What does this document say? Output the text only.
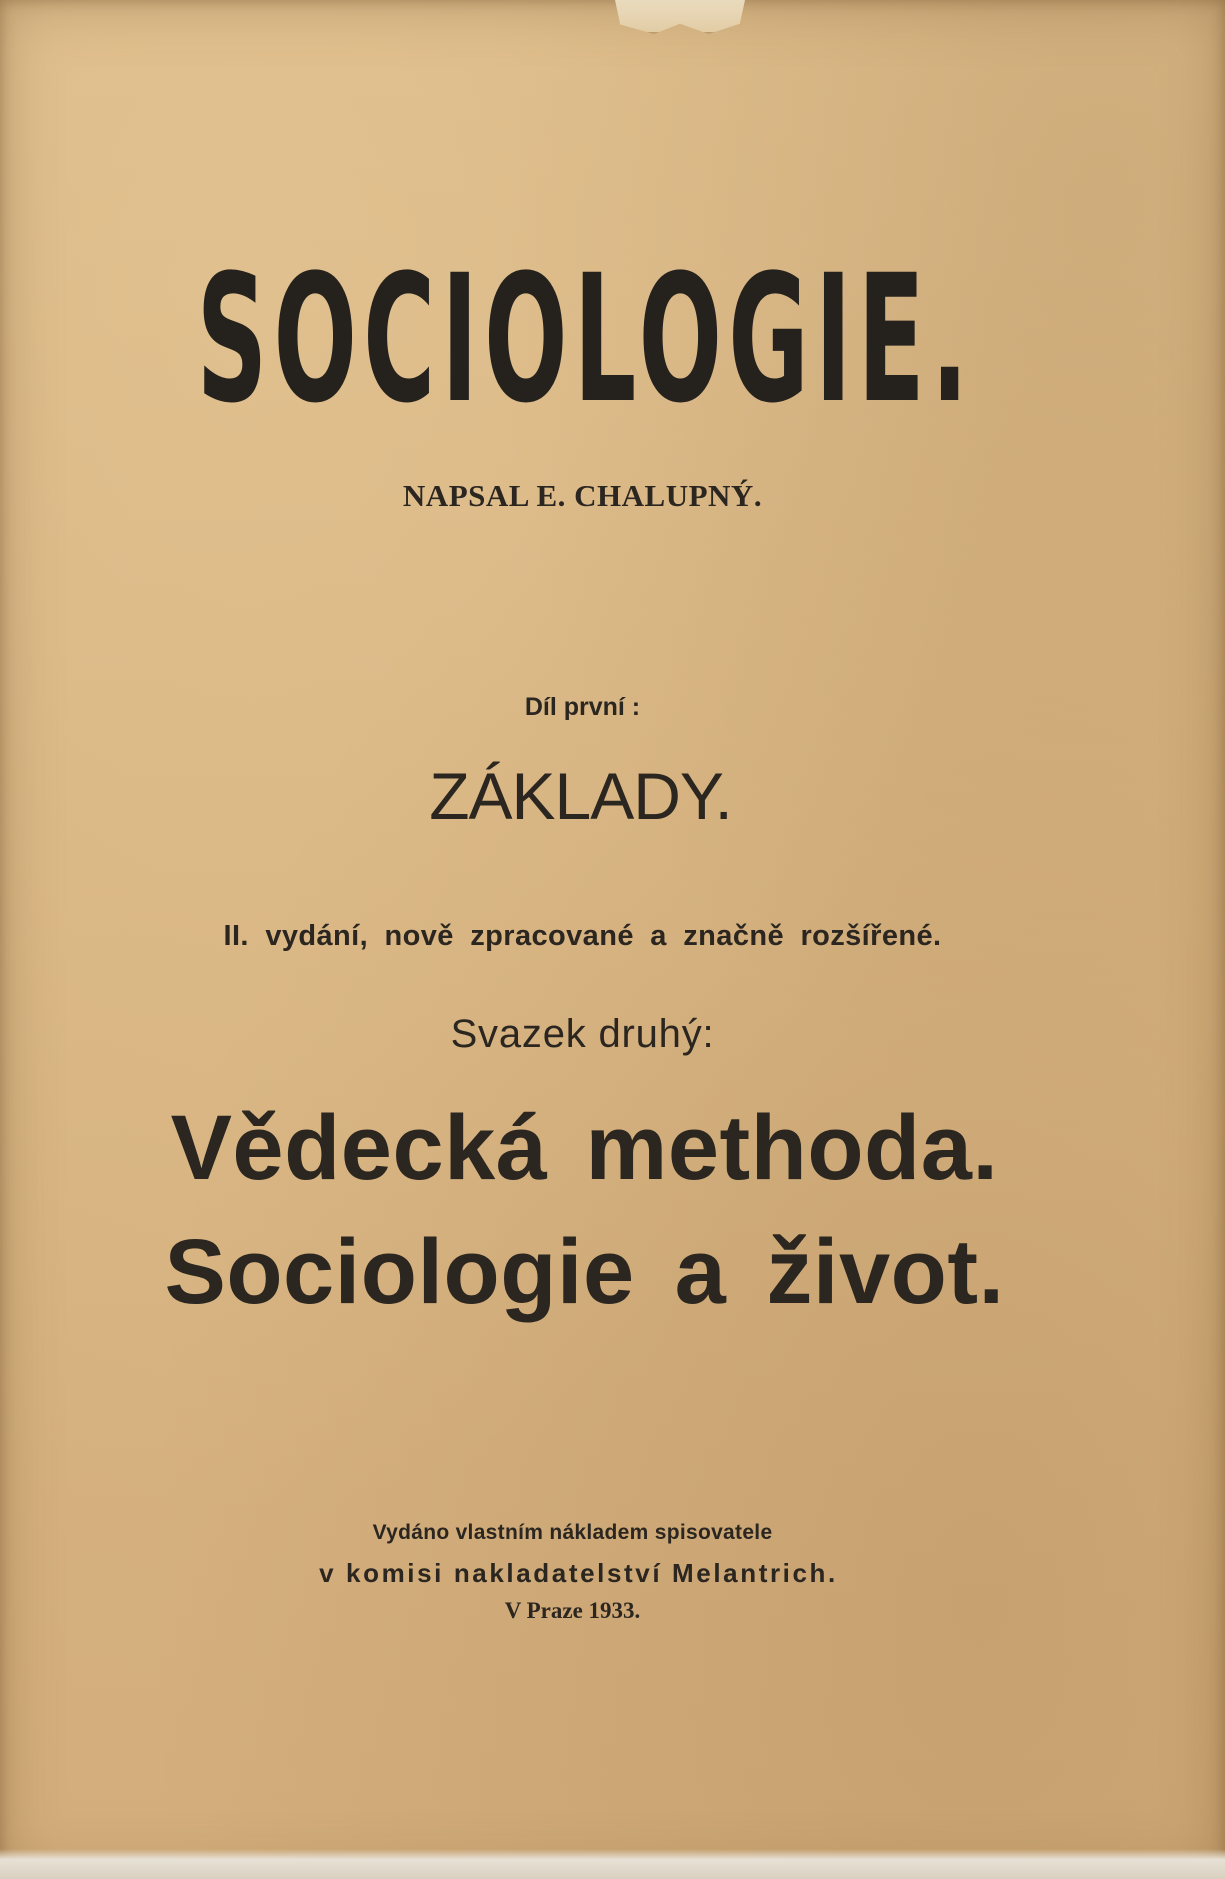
SOCIOLOGIE.

NAPSAL E. CHALUPNÝ.

Díl první :

ZÁKLADY.

II. vydání, nově zpracované a značně rozšířené.

Svazek druhý:

Vědecká methoda.

Sociologie a život.

Vydáno vlastním nákladem spisovatele

v komisi nakladatelství Melantrich.

V Praze 1933.
